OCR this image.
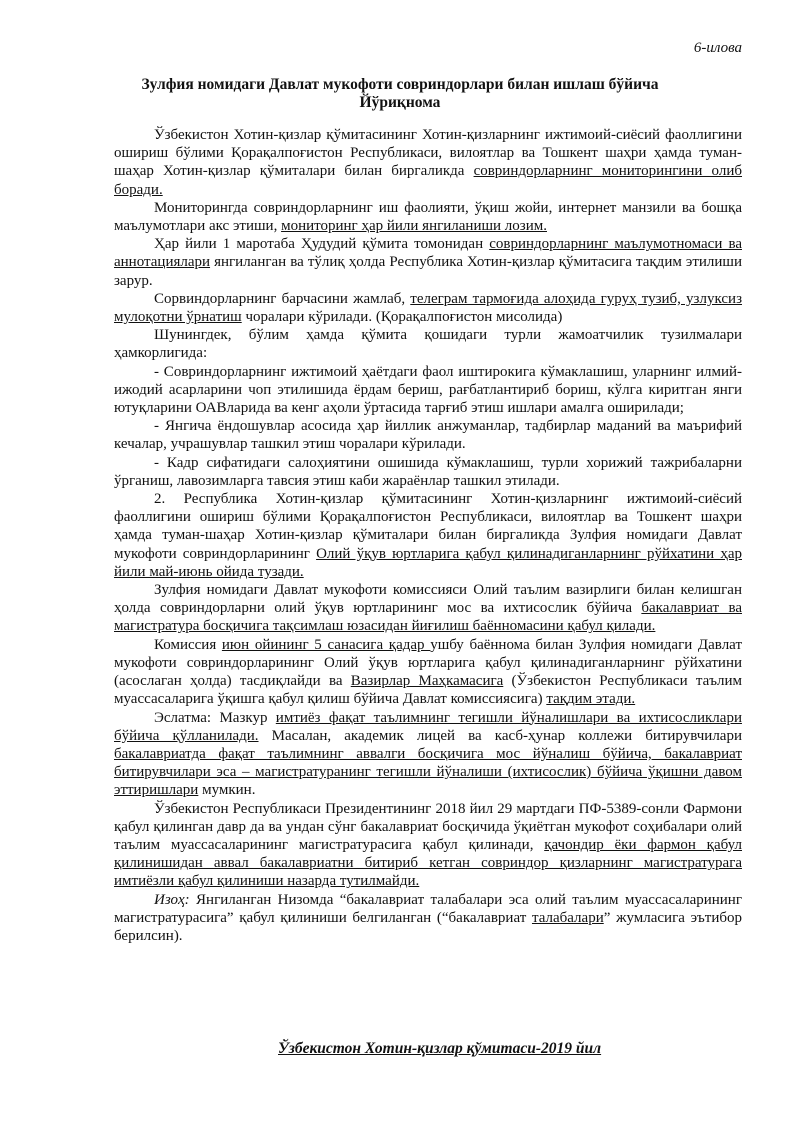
6-илова
Зулфия номидаги Давлат мукофоти совриндорлари билан ишлаш бўйича Йўриқнома

Ўзбекистон Хотин-қизлар қўмитасининг Хотин-қизларнинг ижтимоий-сиёсий фаоллигини ошириш бўлими Қорақалпоғистон Республикаси, вилоятлар ва Тошкент шаҳри ҳамда туман-шаҳар Хотин-қизлар қўмиталари билан биргаликда совриндорларнинг мониторингини олиб боради.

Мониторингда совриндорларнинг иш фаолияти, ўқиш жойи, интернет манзили ва бошқа маълумотлари акс этиши, мониторинг ҳар йили янгиланиши лозим.

Ҳар йили 1 маротаба Ҳудудий қўмита томонидан совриндорларнинг маълумотномаси ва аннотациялари янгиланган ва тўлиқ ҳолда Республика Хотин-қизлар қўмитасига тақдим этилиши зарур.

Сорвиндорларнинг барчасини жамлаб, телеграм тармоғида алоҳида гуруҳ тузиб, узлуксиз мулоқотни ўрнатиш чоралари кўрилади. (Қорақалпоғистон мисолида)

Шунингдек, бўлим ҳамда қўмита қошидаги турли жамоатчилик тузилмалари ҳамкорлигида:

- Совриндорларнинг ижтимоий ҳаётдаги фаол иштирокига кўмаклашиш, уларнинг илмий-ижодий асарларини чоп этилишида ёрдам бериш, рағбатлантириб бориш, кўлга киритган янги ютуқларини ОАВларида ва кенг аҳоли ўртасида тарғиб этиш ишлари амалга оширилади;

- Янгича ёндошувлар асосида ҳар йиллик анжуманлар, тадбирлар маданий ва маърифий кечалар, учрашувлар ташкил этиш чоралари кўрилади.

- Кадр сифатидаги салоҳиятини ошишида кўмаклашиш, турли хорижий тажрибаларни ўрганиш, лавозимларга тавсия этиш каби жараёнлар ташкил этилади.

2. Республика Хотин-қизлар қўмитасининг Хотин-қизларнинг ижтимоий-сиёсий фаоллигини ошириш бўлими Қорақалпоғистон Республикаси, вилоятлар ва Тошкент шаҳри ҳамда туман-шаҳар Хотин-қизлар қўмиталари билан биргаликда Зулфия номидаги Давлат мукофоти совриндорларининг Олий ўқув юртларига қабул қилинадиганларнинг рўйхатини ҳар йили май-июнь ойида тузади.

Зулфия номидаги Давлат мукофоти комиссияси Олий таълим вазирлиги билан келишган ҳолда совриндорларни олий ўқув юртларининг мос ва ихтисослик бўйича бакалавриат ва магистратура босқичига тақсимлаш юзасидан йиғилиш баённомасини қабул қилади.

Комиссия июн ойининг 5 санасига қадар ушбу баённома билан Зулфия номидаги Давлат мукофоти совриндорларининг Олий ўқув юртларига қабул қилинадиганларнинг рўйхатини (асослаган ҳолда) тасдиқлайди ва Вазирлар Маҳкамасига (Ўзбекистон Республикаси таълим муассасаларига ўқишга қабул қилиш бўйича Давлат комиссиясига) тақдим этади.

Эслатма: Мазкур имтиёз фақат таълимнинг тегишли йўналишлари ва ихтисосликлари бўйича қўлланилади. Масалан, академик лицей ва касб-ҳунар коллежи битирувчилари бакалавриатда фақат таълимнинг аввалги босқичига мос йўналиш бўйича, бакалавриат битирувчилари эса – магистратуранинг тегишли йўналиши (ихтисослик) бўйича ўқишни давом эттиришлари мумкин.

Ўзбекистон Республикаси Президентининг 2018 йил 29 мартдаги ПФ-5389-сонли Фармони қабул қилинган давр да ва ундан сўнг бакалавриат босқичида ўқиётган мукофот соҳибалари олий таълим муассасаларининг магистратурасига қабул қилинади, қачондир ёки фармон қабул қилинишидан аввал бакалавриатни битириб кетган совриндор қизларнинг магистратурага имтиёзли қабул қилиниши назарда тутилмайди.

Изоҳ: Янгиланган Низомда “бакалавриат талабалари эса олий таълим муассасаларининг магистратурасига” қабул қилиниши белгиланган (“бакалавриат талабалари” жумласига эътибор берилсин).

Ўзбекистон Хотин-қизлар қўмитаси-2019 йил
